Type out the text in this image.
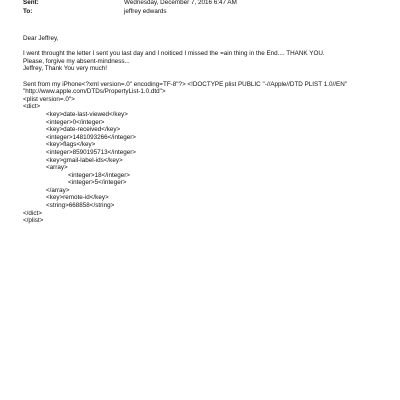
Sent:	Wednesday, December 7, 2016 6:47 AM
To:	jeffrey edwards
Dear Jeffrey,
I went throught the letter I sent you last day and I noiticed I missed the =ain thing in the End.... THANK YOU.
Please, forgive my absent-mindness...
Jeffrey, Thank You very much!
Sent from my iPhone<?xml version=.0" encoding=TF-8"?> <!DOCTYPE plist PUBLIC "-//Apple//DTD PLIST 1.0//EN"
"http://www.apple.com/DTDs/PropertyList-1.0.dtd">
<plist version=.0">
<dict>
<key>date-last-viewed</key>
<integer>0</integer>
<key>date-received</key>
<integer>1481093266</integer>
<key>flags</key>
<integer>8590195713</integer>
<key>gmail-label-ids</key>
<array>
<integer>18</integer>
<integer>5</integer>
</array>
<key>remote-id</key>
<string>668858</string>
</dict>
</plist>
